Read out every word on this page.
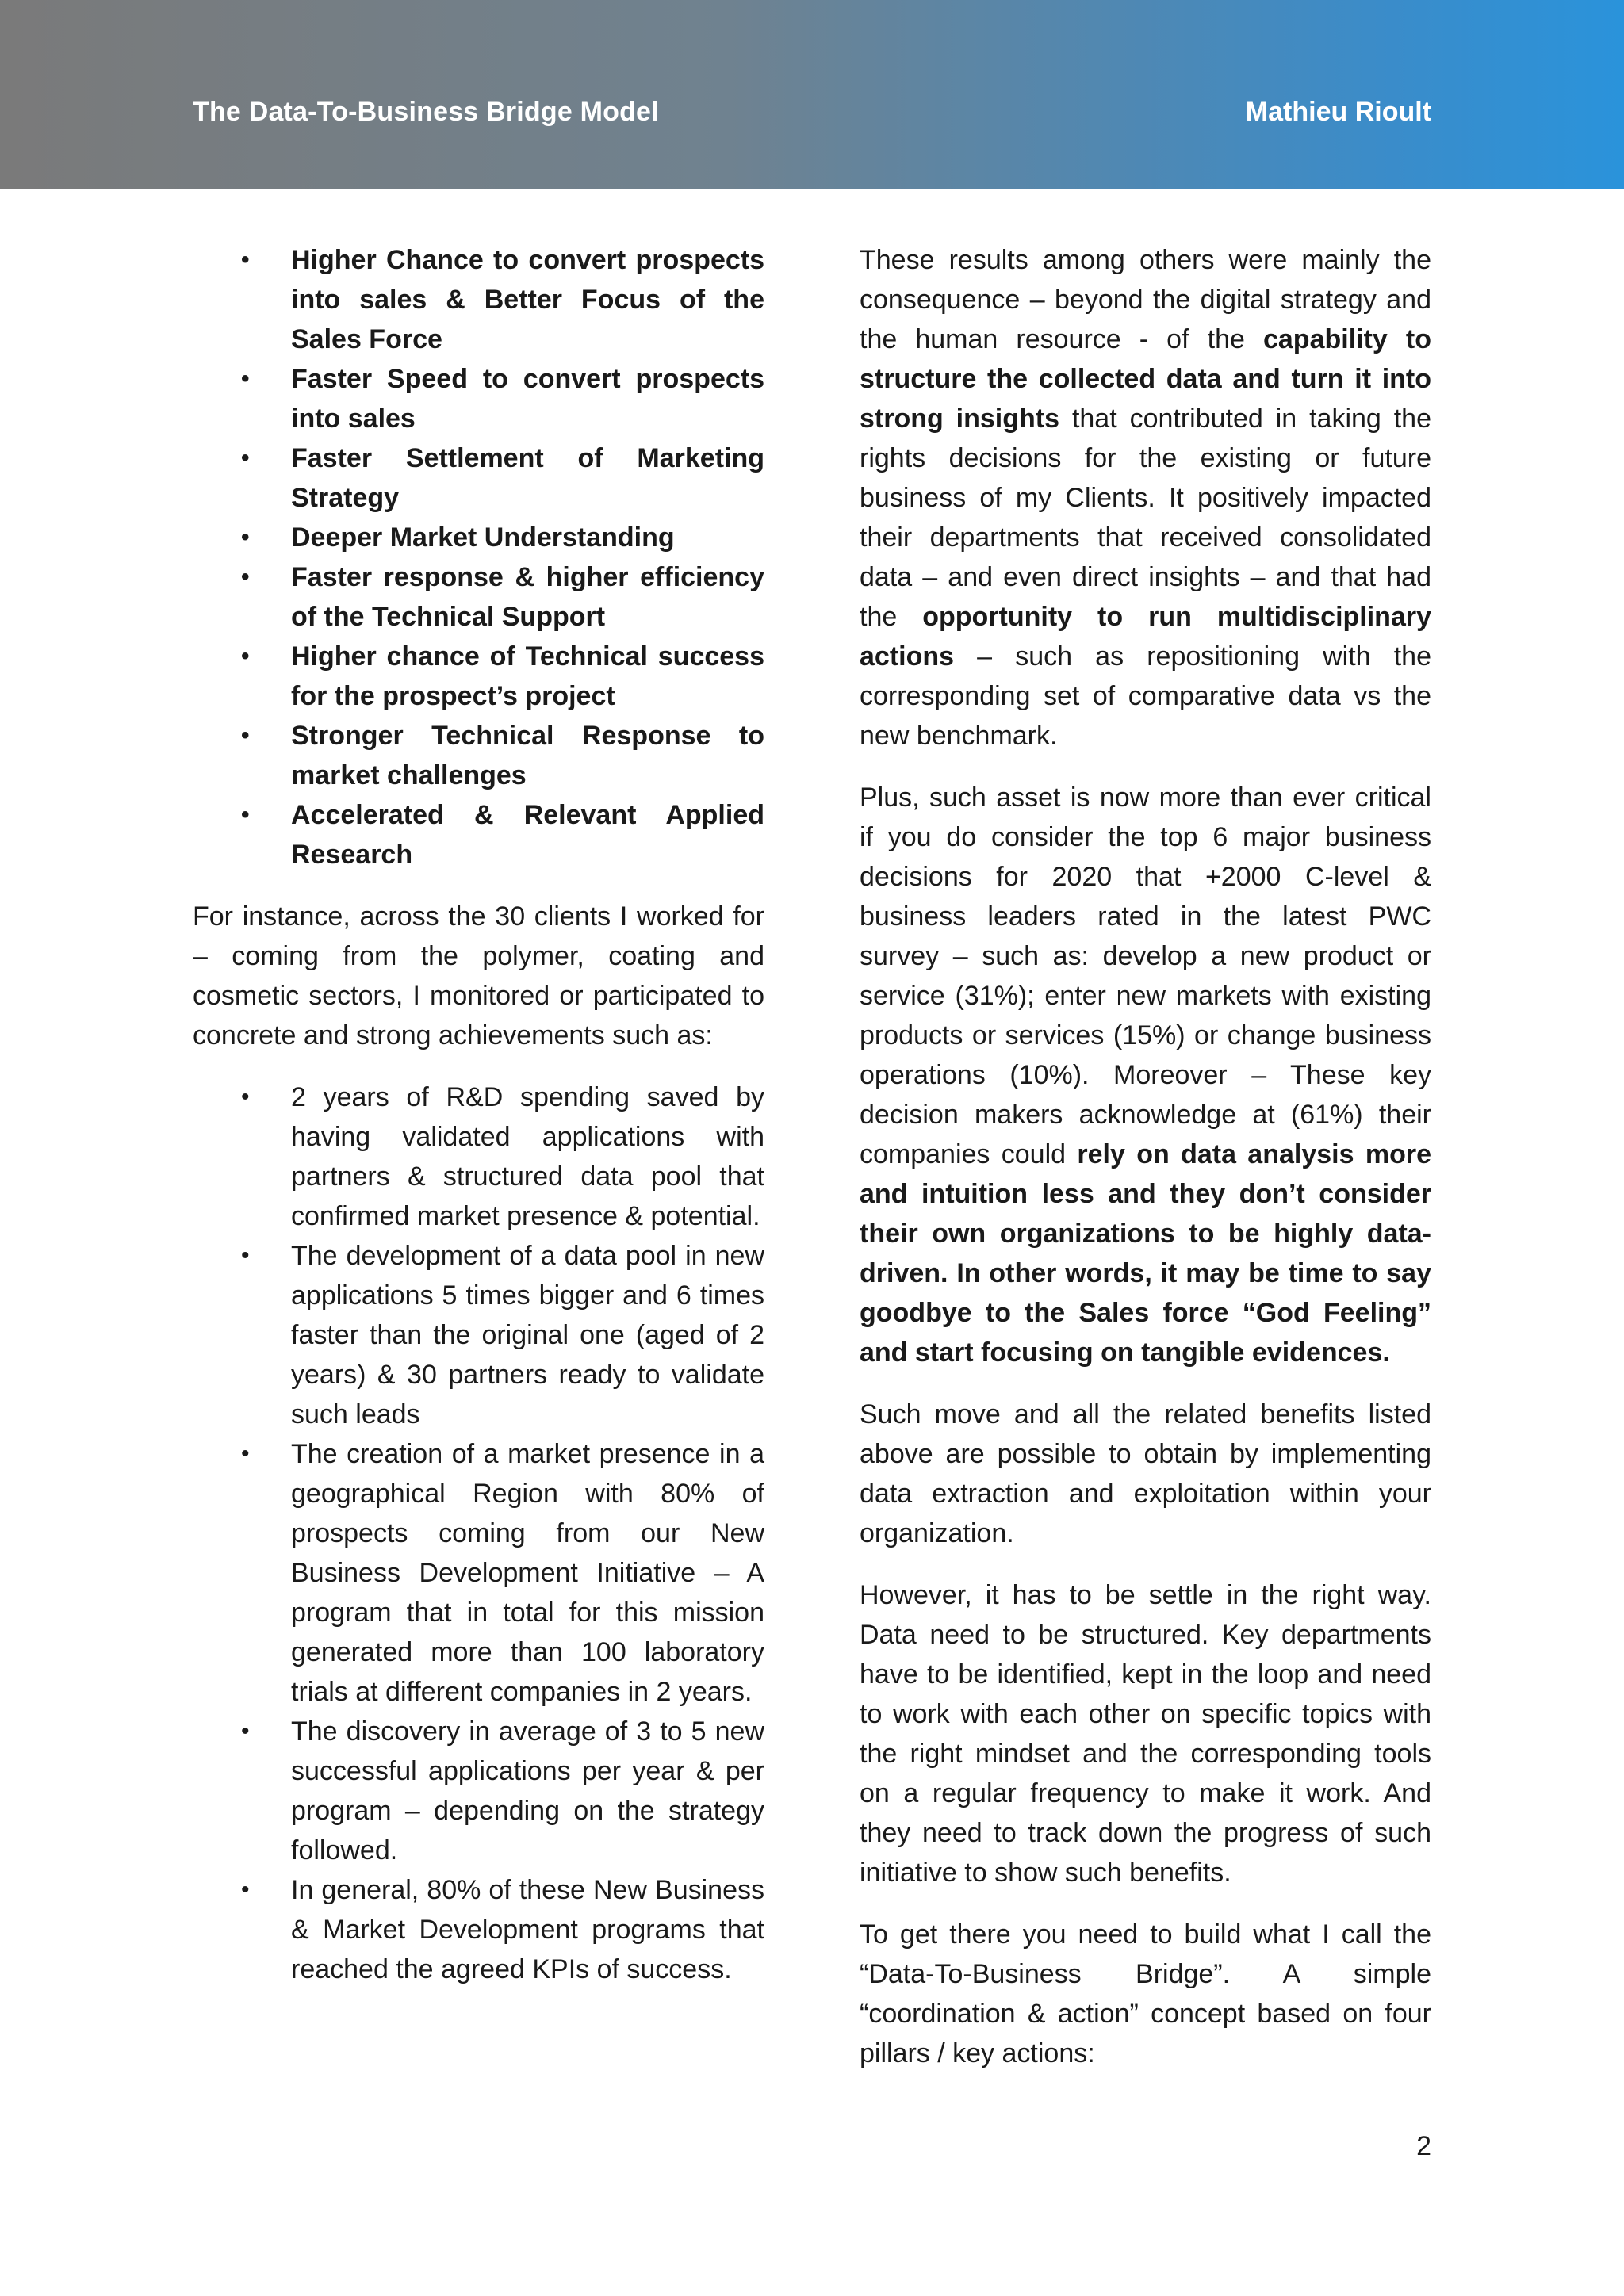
The Data-To-Business Bridge Model	Mathieu Rioult
• Higher Chance to convert prospects into sales & Better Focus of the Sales Force
• Faster Speed to convert prospects into sales
• Faster Settlement of Marketing Strategy
• Deeper Market Understanding
• Faster response & higher efficiency of the Technical Support
• Higher chance of Technical success for the prospect’s project
• Stronger Technical Response to market challenges
• Accelerated & Relevant Applied Research

For instance, across the 30 clients I worked for – coming from the polymer, coating and cosmetic sectors, I monitored or participated to concrete and strong achievements such as:

• 2 years of R&D spending saved by having validated applications with partners & structured data pool that confirmed market presence & potential.
• The development of a data pool in new applications 5 times bigger and 6 times faster than the original one (aged of 2 years) & 30 partners ready to validate such leads
• The creation of a market presence in a geographical Region with 80% of prospects coming from our New Business Development Initiative – A program that in total for this mission generated more than 100 laboratory trials at different companies in 2 years.
• The discovery in average of 3 to 5 new successful applications per year & per program – depending on the strategy followed.
• In general, 80% of these New Business & Market Development programs that reached the agreed KPIs of success.

These results among others were mainly the consequence – beyond the digital strategy and the human resource - of the capability to structure the collected data and turn it into strong insights that contributed in taking the rights decisions for the existing or future business of my Clients. It positively impacted their departments that received consolidated data – and even direct insights – and that had the opportunity to run multidisciplinary actions – such as repositioning with the corresponding set of comparative data vs the new benchmark.

Plus, such asset is now more than ever critical if you do consider the top 6 major business decisions for 2020 that +2000 C-level & business leaders rated in the latest PWC survey – such as: develop a new product or service (31%); enter new markets with existing products or services (15%) or change business operations (10%). Moreover – These key decision makers acknowledge at (61%) their companies could rely on data analysis more and intuition less and they don’t consider their own organizations to be highly data-driven. In other words, it may be time to say goodbye to the Sales force “God Feeling” and start focusing on tangible evidences.

Such move and all the related benefits listed above are possible to obtain by implementing data extraction and exploitation within your organization.

However, it has to be settle in the right way. Data need to be structured. Key departments have to be identified, kept in the loop and need to work with each other on specific topics with the right mindset and the corresponding tools on a regular frequency to make it work. And they need to track down the progress of such initiative to show such benefits.

To get there you need to build what I call the “Data-To-Business Bridge”. A simple “coordination & action” concept based on four pillars / key actions:

2
